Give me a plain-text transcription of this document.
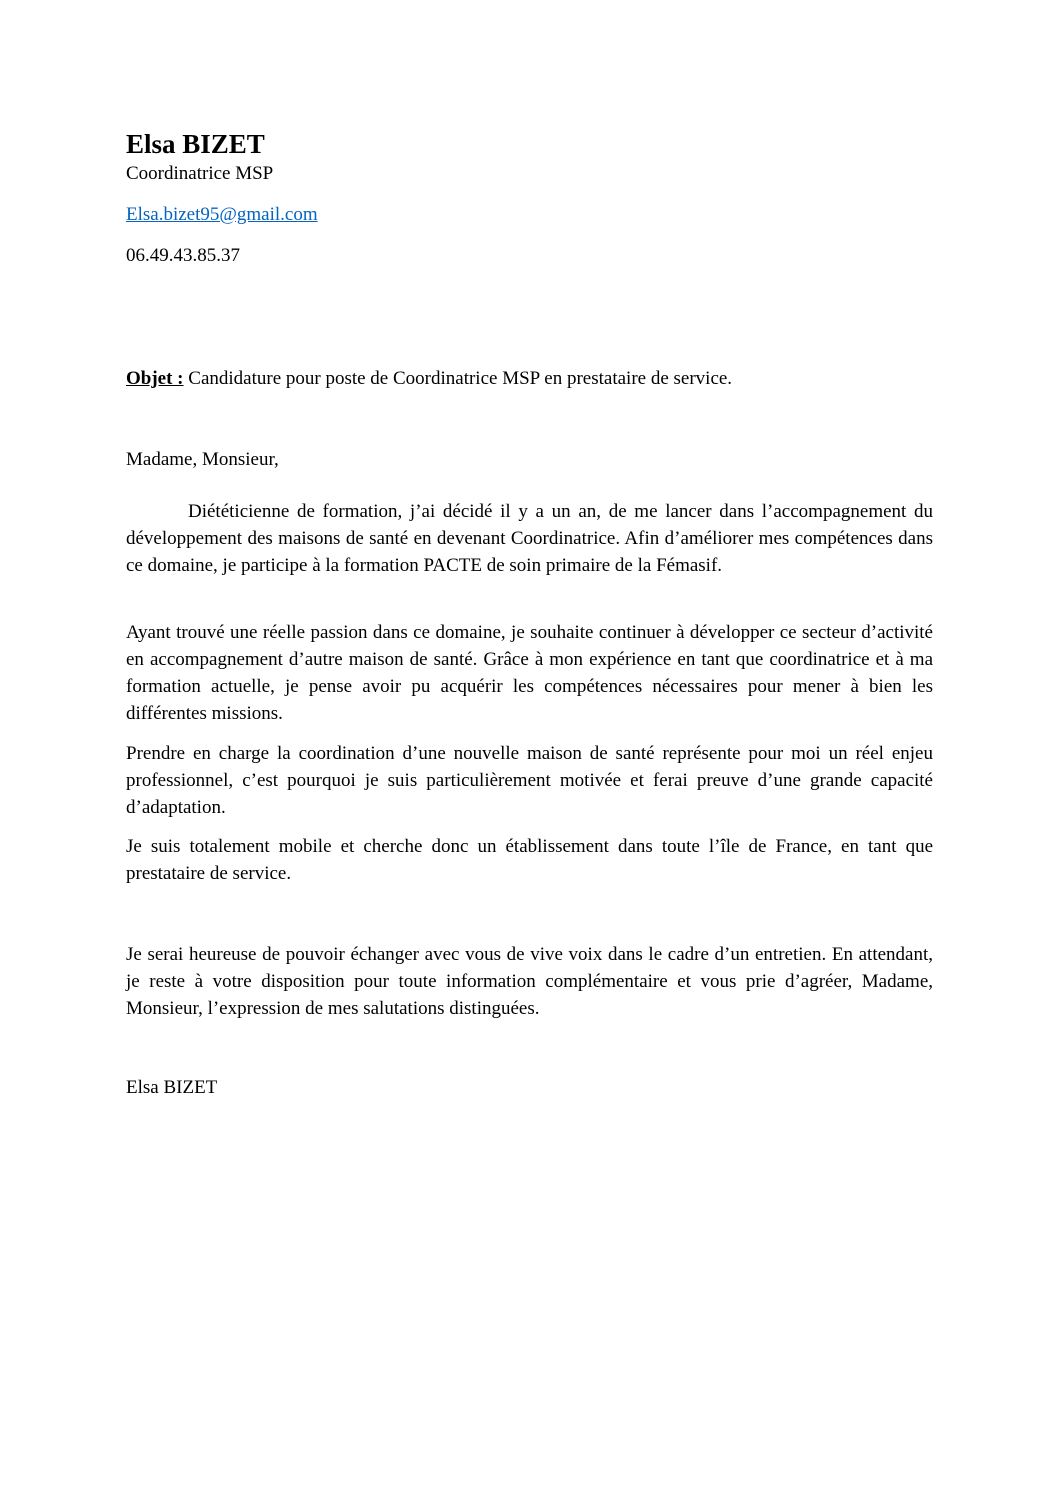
Elsa BIZET
Coordinatrice MSP
Elsa.bizet95@gmail.com
06.49.43.85.37
Objet : Candidature pour poste de Coordinatrice MSP en prestataire de service.
Madame, Monsieur,

Diététicienne de formation, j’ai décidé il y a un an, de me lancer dans l’accompagnement du développement des maisons de santé en devenant Coordinatrice. Afin d’améliorer mes compétences dans ce domaine, je participe à la formation PACTE de soin primaire de la Fémasif.

Ayant trouvé une réelle passion dans ce domaine, je souhaite continuer à développer ce secteur d’activité en accompagnement d’autre maison de santé. Grâce à mon expérience en tant que coordinatrice et à ma formation actuelle, je pense avoir pu acquérir les compétences nécessaires pour mener à bien les différentes missions.

Prendre en charge la coordination d’une nouvelle maison de santé représente pour moi un réel enjeu professionnel, c’est pourquoi je suis particulièrement motivée et ferai preuve d’une grande capacité d’adaptation.

Je suis totalement mobile et cherche donc un établissement dans toute l’île de France, en tant que prestataire de service.

Je serai heureuse de pouvoir échanger avec vous de vive voix dans le cadre d’un entretien. En attendant, je reste à votre disposition pour toute information complémentaire et vous prie d’agréer, Madame, Monsieur, l’expression de mes salutations distinguées.

Elsa BIZET
